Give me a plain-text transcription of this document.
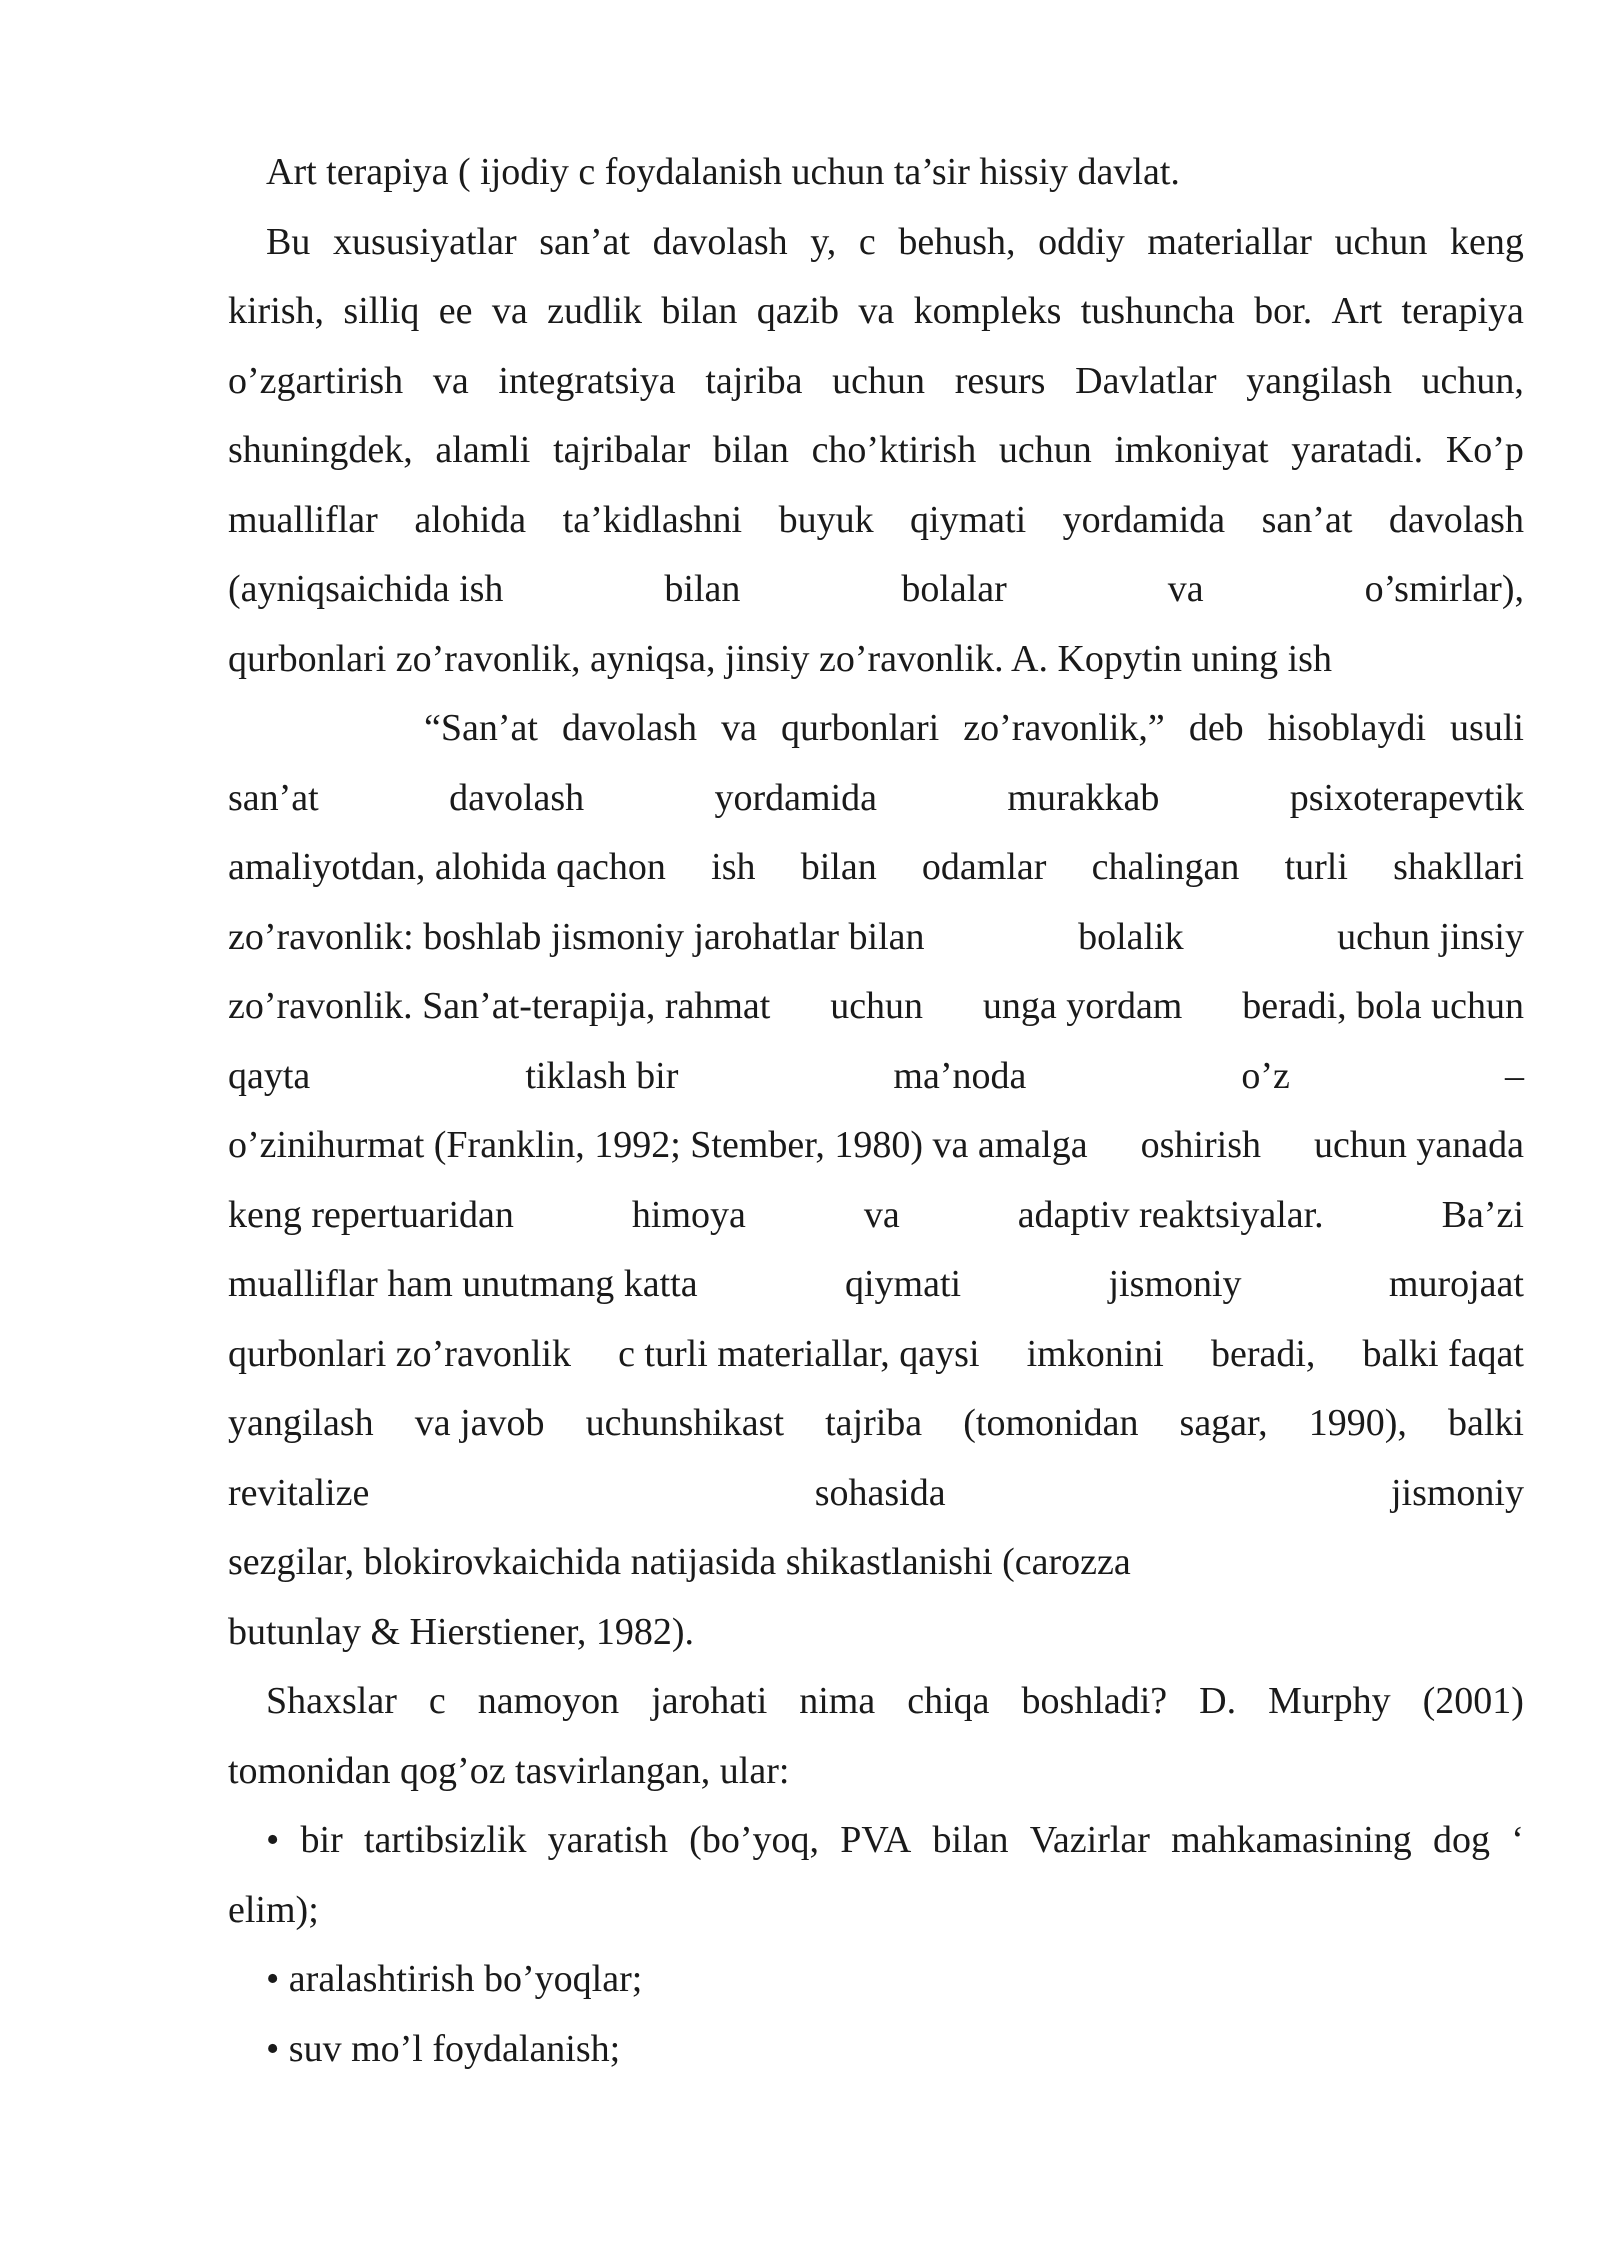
Art terapiya ( ijodiy c foydalanish uchun ta’sir hissiy davlat.
Bu xususiyatlar san’at davolash y, c behush, oddiy materiallar uchun keng
kirish, silliq ee va zudlik bilan qazib va kompleks tushuncha bor. Art terapiya
o’zgartirish va integratsiya tajriba uchun resurs Davlatlar yangilash uchun,
shuningdek, alamli tajribalar bilan cho’ktirish uchun imkoniyat yaratadi. Ko’p
mualliflar alohida ta’kidlashni buyuk qiymati yordamida san’at davolash
(ayniqsaichida ish	bilan	bolalar	va	o’smirlar),
qurbonlari zo’ravonlik, ayniqsa, jinsiy zo’ravonlik. A. Kopytin uning ish
“San’at davolash va qurbonlari zo’ravonlik,” deb hisoblaydi usuli
san’at	davolash	yordamida	murakkab	psixoterapevtik
amaliyotdan, alohida qachon ish bilan odamlar chalingan turli shakllari
zo’ravonlik: boshlab jismoniy jarohatlar bilan	bolalik	uchun jinsiy
zo’ravonlik. San’at-terapija, rahmat uchun unga yordam beradi, bola uchun
qayta	tiklash bir	ma’noda	o’z	–
o’zinihurmat (Franklin, 1992; Stember, 1980) va amalga oshirish uchun yanada
keng repertuaridan	himoya	va	adaptiv reaktsiyalar.	Ba’zi
mualliflar ham unutmang katta	qiymati	jismoniy	murojaat
qurbonlari zo’ravonlik c turli materiallar, qaysi imkonini beradi, balki faqat
yangilash va javob uchunshikast tajriba (tomonidan sagar, 1990), balki
revitalize	sohasida	jismoniy
sezgilar, blokirovkaichida natijasida shikastlanishi (carozza
butunlay & Hierstiener, 1982).
Shaxslar c namoyon jarohati nima chiqa boshladi? D. Murphy (2001)
tomonidan qog’oz tasvirlangan, ular:
• bir tartibsizlik yaratish (bo’yoq, PVA bilan Vazirlar mahkamasining dog ‘
elim);
• aralashtirish bo’yoqlar;
• suv mo’l foydalanish;
